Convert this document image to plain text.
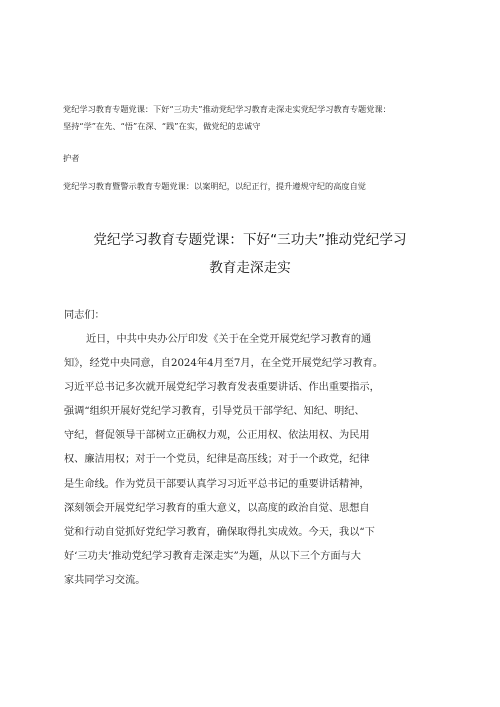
党纪学习教育专题党课：下好“三功夫”推动党纪学习教育走深走实党纪学习教育专题党课：
坚持“学”在先、“悟”在深、“践”在实，做党纪的忠诚守
护者
党纪学习教育暨警示教育专题党课：以案明纪，以纪正行，提升遵规守纪的高度自觉
党纪学习教育专题党课：下好“三功夫”推动党纪学习
教育走深走实
同志们：
近日，中共中央办公厅印发《关于在全党开展党纪学习教育的通
知》，经党中央同意，自2024年4月至7月，在全党开展党纪学习教育。
习近平总书记多次就开展党纪学习教育发表重要讲话、作出重要指示，
强调“组织开展好党纪学习教育，引导党员干部学纪、知纪、明纪、
守纪，督促领导干部树立正确权力观，公正用权、依法用权、为民用
权、廉洁用权；对于一个党员，纪律是高压线；对于一个政党，纪律
是生命线。作为党员干部要认真学习习近平总书记的重要讲话精神，
深刻领会开展党纪学习教育的重大意义，以高度的政治自觉、思想自
觉和行动自觉抓好党纪学习教育，确保取得扎实成效。今天，我以“下
好‘三功夫’推动党纪学习教育走深走实”为题，从以下三个方面与大
家共同学习交流。
